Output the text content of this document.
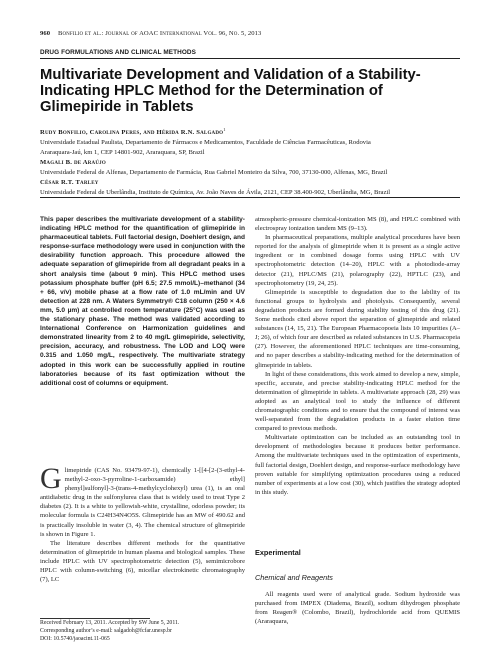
960 Bonfilio et al.: Journal of AOAC International Vol. 96, No. 5, 2013
DRUG FORMULATIONS AND CLINICAL METHODS
Multivariate Development and Validation of a Stability-Indicating HPLC Method for the Determination of Glimepiride in Tablets
Rudy Bonfilio, Carolina Peres, and Hérida R.N. Salgado$^1$
Universidade Estadual Paulista, Departamento de Fármacos e Medicamentos, Faculdade de Ciências Farmacêuticas, Rodovia
Araraquara-Jaú, km 1, CEP 14801-902, Araraquara, SP, Brazil
Magali B. de Araújo
Universidade Federal de Alfenas, Departamento de Farmácia, Rua Gabriel Monteiro da Silva, 700, 37130-000, Alfenas, MG, Brazil
César R.T. Tarley
Universidade Federal de Uberlândia, Instituto de Química, Av. João Naves de Ávila, 2121, CEP 38.400-902, Uberlândia, MG, Brazil

This paper describes the multivariate development of a stability-indicating HPLC method for the quantification of glimepiride in pharmaceutical tablets. Full factorial design, Doehlert design, and response-surface methodology were used in conjunction with the desirability function approach. This procedure allowed the adequate separation of glimepiride from all degradant peaks in a short analysis time (about 9 min). This HPLC method uses potassium phosphate buffer (pH 6.5; 27.5 mmol/L)–methanol (34 + 66, v/v) mobile phase at a flow rate of 1.0 mL/min and UV detection at 228 nm. A Waters Symmetry® C18 column (250 × 4.6 mm, 5.0 µm) at controlled room temperature (25°C) was used as the stationary phase. The method was validated according to International Conference on Harmonization guidelines and demonstrated linearity from 2 to 40 mg/L glimepiride, selectivity, precision, accuracy, and robustness. The LOD and LOQ were 0.315 and 1.050 mg/L, respectively. The multivariate strategy adopted in this work can be successfully applied in routine laboratories because of its fast optimization without the additional cost of columns or equipment.

G limepiride (CAS No. 93479-97-1), chemically 1-[[4-[2-(3-ethyl-4-methyl-2-oxo-3-pyrroline-1-carboxamide) ethyl] phenyl]sulfonyl]-3-(trans-4-methylcyclohexyl) urea (1), is an oral antidiabetic drug in the sulfonylurea class that is widely used to treat Type 2 diabetes (2). It is a white to yellowish-white, crystalline, odorless powder; its molecular formula is C24H34N4O5S. Glimepiride has an MW of 490.62 and is practically insoluble in water (3, 4). The chemical structure of glimepiride is shown in Figure 1.

The literature describes different methods for the quantitative determination of glimepiride in human plasma and biological samples. These include HPLC with UV spectrophotometric detection (5), semimicrobore HPLC with column-switching (6), micellar electrokinetic chromatography (7), LC

Received February 13, 2011. Accepted by SW June 5, 2011.
Corresponding author’s e-mail: salgadoh@fcfar.unesp.br
DOI: 10.5740/jaoacint.11-065

atmospheric-pressure chemical-ionization MS (8), and HPLC combined with electrospray ionization tandem MS (9–13).

In pharmaceutical preparations, multiple analytical procedures have been reported for the analysis of glimepiride when it is present as a single active ingredient or in combined dosage forms using HPLC with UV spectrophotometric detection (14–20), HPLC with a photodiode-array detector (21), HPLC/MS (21), polarography (22), HPTLC (23), and spectrophotometry (19, 24, 25).

Glimepiride is susceptible to degradation due to the lability of its functional groups to hydrolysis and photolysis. Consequently, several degradation products are formed during stability testing of this drug (21). Some methods cited above report the separation of glimepiride and related substances (14, 15, 21). The European Pharmacopoeia lists 10 impurities (A–J; 26), of which four are described as related substances in U.S. Pharmacopeia (27). However, the aforementioned HPLC techniques are time-consuming, and no paper describes a stability-indicating method for the determination of glimepiride in tablets.

In light of these considerations, this work aimed to develop a new, simple, specific, accurate, and precise stability-indicating HPLC method for the determination of glimepiride in tablets. A multivariate approach (28, 29) was adopted as an analytical tool to study the influence of different chromatographic conditions and to ensure that the compound of interest was well-separated from the degradation products in a faster elution time compared to previous methods.

Multivariate optimization can be included as an outstanding tool in development of methodologies because it produces better performance. Among the multivariate techniques used in the optimization of experiments, full factorial design, Doehlert design, and response-surface methodology have proven suitable for simplifying optimization procedures using a reduced number of experiments at a low cost (30), which justifies the strategy adopted in this study.

Experimental
Chemical and Reagents

All reagents used were of analytical grade. Sodium hydroxide was purchased from IMPEX (Diadema, Brazil), sodium dihydrogen phosphate from Reagen® (Colombo, Brazil), hydrochloride acid from QUEMIS (Araraquara,
